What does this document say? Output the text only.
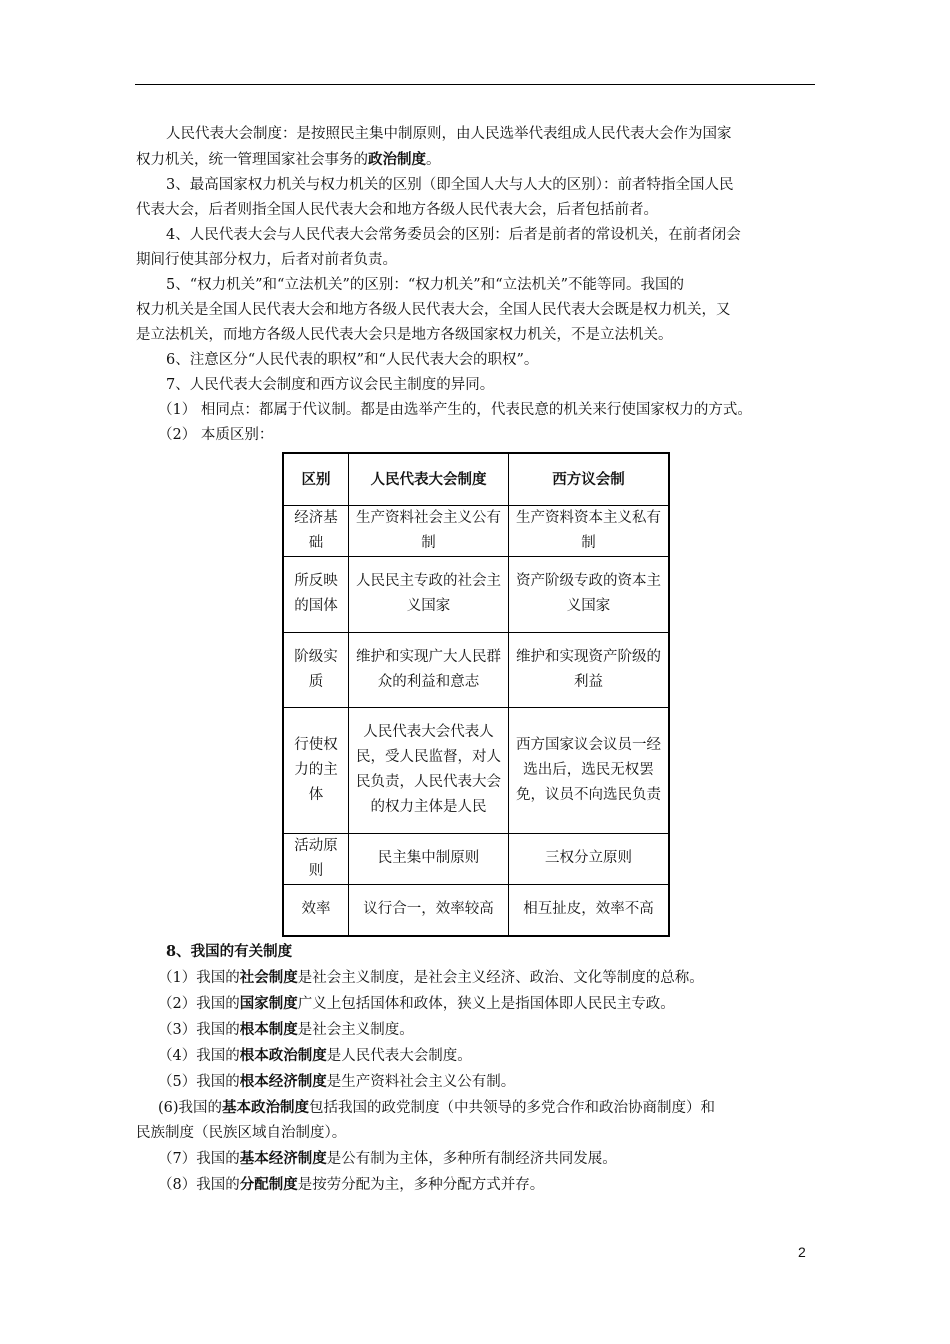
人民代表大会制度：是按照民主集中制原则，由人民选举代表组成人民代表大会作为国家

权力机关，统一管理国家社会事务的政治制度。

3、最高国家权力机关与权力机关的区别（即全国人大与人大的区别）：前者特指全国人民

代表大会，后者则指全国人民代表大会和地方各级人民代表大会，后者包括前者。

4、人民代表大会与人民代表大会常务委员会的区别：后者是前者的常设机关，在前者闭会

期间行使其部分权力，后者对前者负责。

5、“权力机关”和“立法机关”的区别：“权力机关”和“立法机关”不能等同。我国的

权力机关是全国人民代表大会和地方各级人民代表大会，全国人民代表大会既是权力机关，又

是立法机关，而地方各级人民代表大会只是地方各级国家权力机关，不是立法机关。

6、注意区分“人民代表的职权”和“人民代表大会的职权”。

7、人民代表大会制度和西方议会民主制度的异同。

（1） 相同点：都属于代议制。都是由选举产生的，代表民意的机关来行使国家权力的方式。

（2） 本质区别：

区别	人民代表大会制度	西方议会制
经济基础	生产资料社会主义公有制	生产资料资本主义私有制
所反映的国体	人民民主专政的社会主义国家	资产阶级专政的资本主义国家
阶级实质	维护和实现广大人民群众的利益和意志	维护和实现资产阶级的利益
行使权力的主体	人民代表大会代表人民，受人民监督，对人民负责，人民代表大会的权力主体是人民	西方国家议会议员一经选出后，选民无权罢免，议员不向选民负责
活动原则	民主集中制原则	三权分立原则
效率	议行合一，效率较高	相互扯皮，效率不高

8、我国的有关制度

（1）我国的社会制度是社会主义制度，是社会主义经济、政治、文化等制度的总称。

（2）我国的国家制度广义上包括国体和政体，狭义上是指国体即人民民主专政。

（3）我国的根本制度是社会主义制度。

（4）我国的根本政治制度是人民代表大会制度。

（5）我国的根本经济制度是生产资料社会主义公有制。

(6)我国的基本政治制度包括我国的政党制度（中共领导的多党合作和政治协商制度）和

民族制度（民族区域自治制度）。

（7）我国的基本经济制度是公有制为主体，多种所有制经济共同发展。

（8）我国的分配制度是按劳分配为主，多种分配方式并存。

2
